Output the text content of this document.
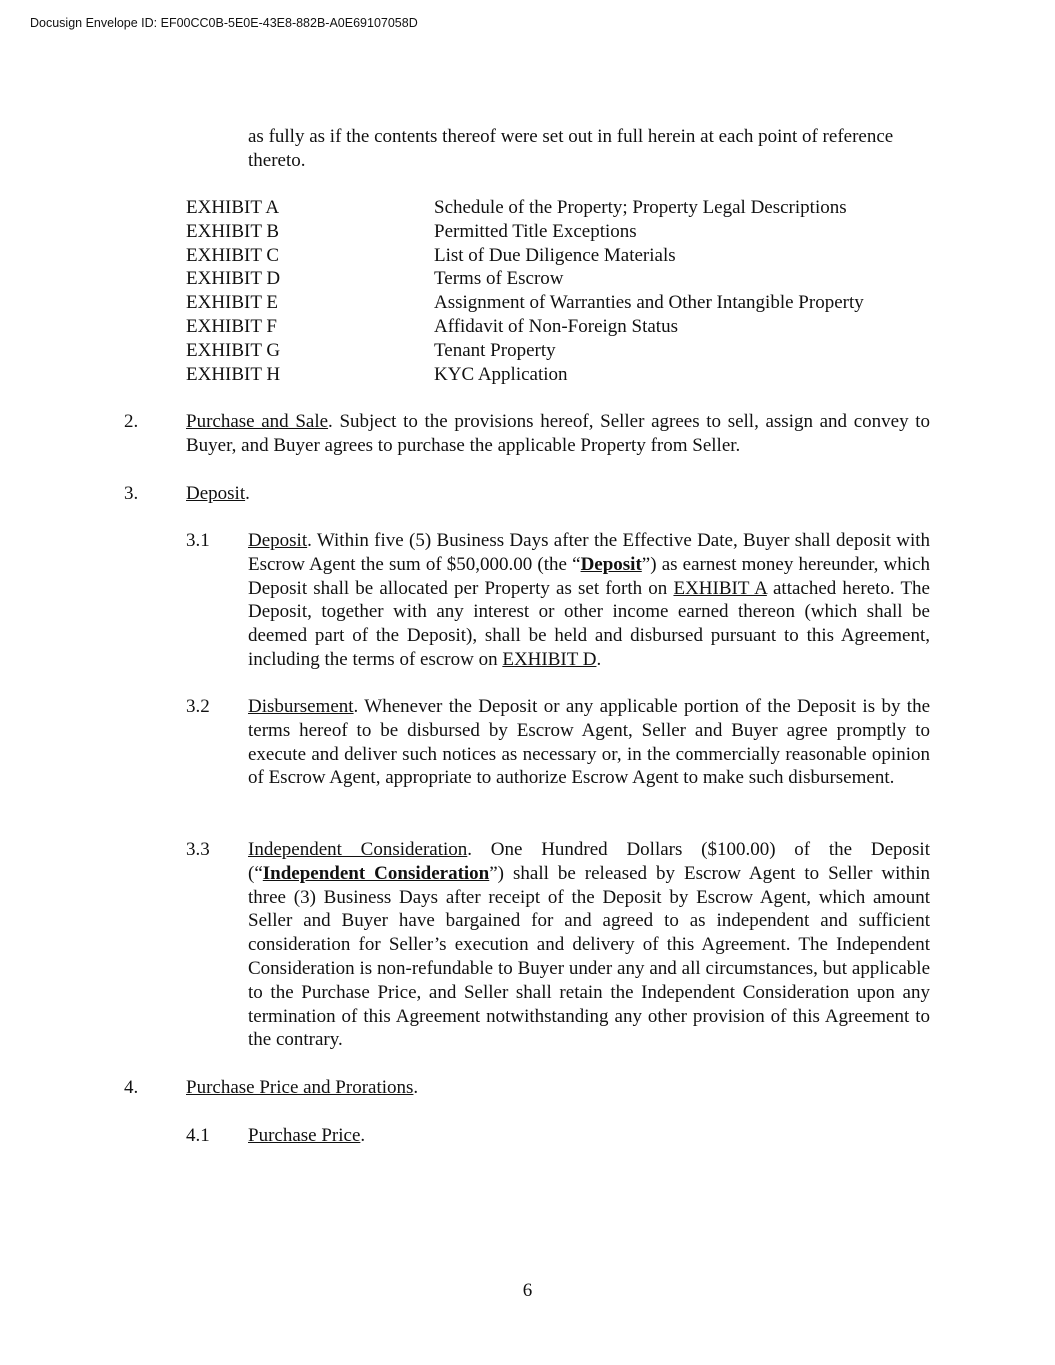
Docusign Envelope ID: EF00CC0B-5E0E-43E8-882B-A0E69107058D
as fully as if the contents thereof were set out in full herein at each point of reference thereto.
EXHIBIT A	Schedule of the Property; Property Legal Descriptions
EXHIBIT B	Permitted Title Exceptions
EXHIBIT C	List of Due Diligence Materials
EXHIBIT D	Terms of Escrow
EXHIBIT E	Assignment of Warranties and Other Intangible Property
EXHIBIT F	Affidavit of Non-Foreign Status
EXHIBIT G	Tenant Property
EXHIBIT H	KYC Application
2.	Purchase and Sale. Subject to the provisions hereof, Seller agrees to sell, assign and convey to Buyer, and Buyer agrees to purchase the applicable Property from Seller.
3.	Deposit.
3.1	Deposit. Within five (5) Business Days after the Effective Date, Buyer shall deposit with Escrow Agent the sum of $50,000.00 (the “Deposit”) as earnest money hereunder, which Deposit shall be allocated per Property as set forth on EXHIBIT A attached hereto. The Deposit, together with any interest or other income earned thereon (which shall be deemed part of the Deposit), shall be held and disbursed pursuant to this Agreement, including the terms of escrow on EXHIBIT D.
3.2	Disbursement. Whenever the Deposit or any applicable portion of the Deposit is by the terms hereof to be disbursed by Escrow Agent, Seller and Buyer agree promptly to execute and deliver such notices as necessary or, in the commercially reasonable opinion of Escrow Agent, appropriate to authorize Escrow Agent to make such disbursement.
3.3	Independent Consideration. One Hundred Dollars ($100.00) of the Deposit (“Independent Consideration”) shall be released by Escrow Agent to Seller within three (3) Business Days after receipt of the Deposit by Escrow Agent, which amount Seller and Buyer have bargained for and agreed to as independent and sufficient consideration for Seller’s execution and delivery of this Agreement. The Independent Consideration is non-refundable to Buyer under any and all circumstances, but applicable to the Purchase Price, and Seller shall retain the Independent Consideration upon any termination of this Agreement notwithstanding any other provision of this Agreement to the contrary.
4.	Purchase Price and Prorations.
4.1	Purchase Price.
6
